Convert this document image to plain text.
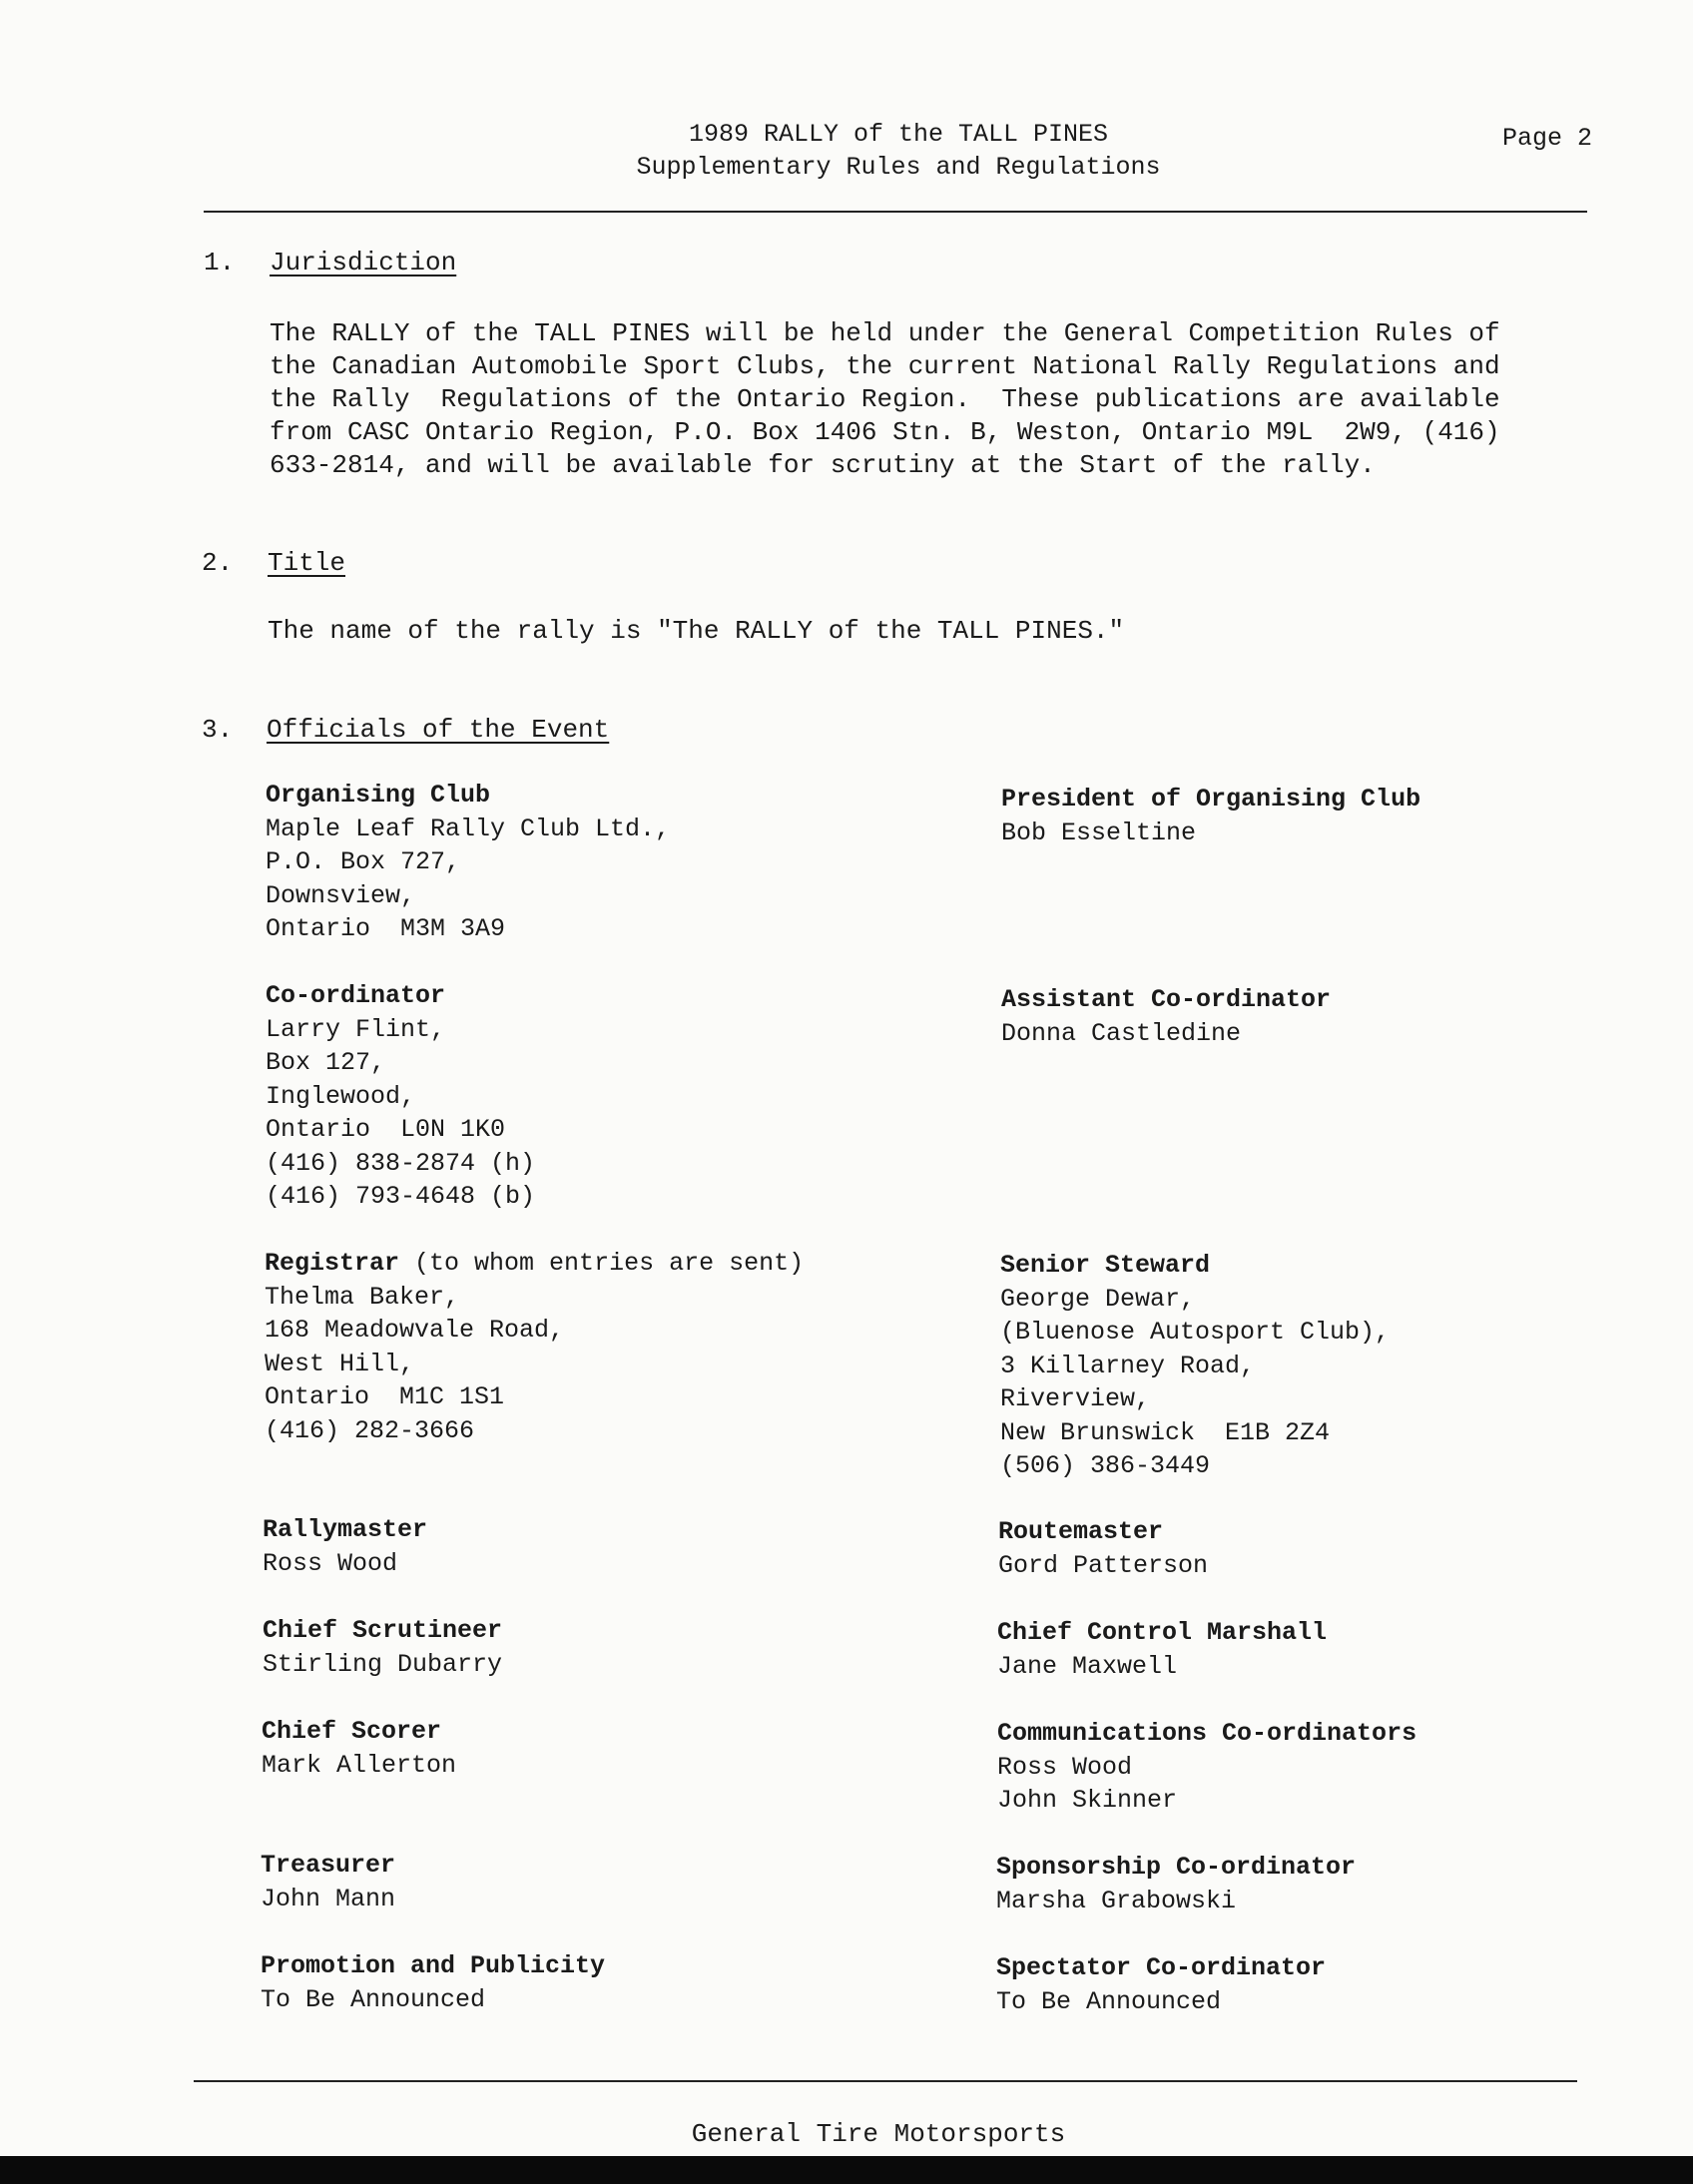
1989 RALLY of the TALL PINES
Supplementary Rules and Regulations
Page 2
1. Jurisdiction
The RALLY of the TALL PINES will be held under the General Competition Rules of
the Canadian Automobile Sport Clubs, the current National Rally Regulations and
the Rally  Regulations of the Ontario Region.  These publications are available
from CASC Ontario Region, P.O. Box 1406 Stn. B, Weston, Ontario M9L  2W9, (416)
633-2814, and will be available for scrutiny at the Start of the rally.
2. Title
The name of the rally is "The RALLY of the TALL PINES."
3. Officials of the Event
Organising Club
Maple Leaf Rally Club Ltd.,
P.O. Box 727,
Downsview,
Ontario  M3M 3A9
Co-ordinator
Larry Flint,
Box 127,
Inglewood,
Ontario  L0N 1K0
(416) 838-2874 (h)
(416) 793-4648 (b)
Registrar (to whom entries are sent)
Thelma Baker,
168 Meadowvale Road,
West Hill,
Ontario  M1C 1S1
(416) 282-3666
Rallymaster
Ross Wood
Chief Scrutineer
Stirling Dubarry
Chief Scorer
Mark Allerton
Treasurer
John Mann
Promotion and Publicity
To Be Announced
President of Organising Club
Bob Esseltine
Assistant Co-ordinator
Donna Castledine
Senior Steward
George Dewar,
(Bluenose Autosport Club),
3 Killarney Road,
Riverview,
New Brunswick  E1B 2Z4
(506) 386-3449
Routemaster
Gord Patterson
Chief Control Marshall
Jane Maxwell
Communications Co-ordinators
Ross Wood
John Skinner
Sponsorship Co-ordinator
Marsha Grabowski
Spectator Co-ordinator
To Be Announced
General Tire Motorsports
